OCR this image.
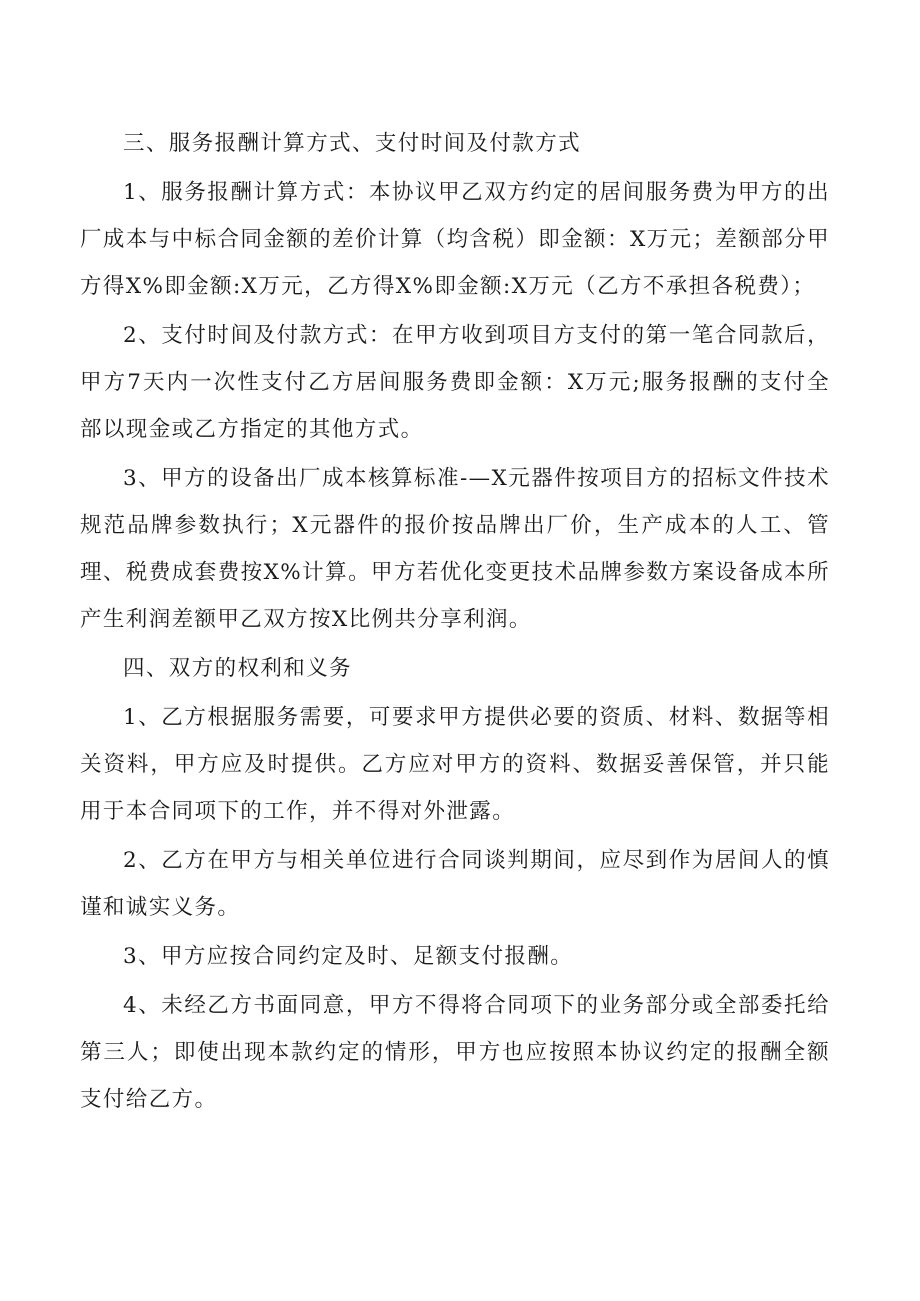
三、服务报酬计算方式、支付时间及付款方式

1、服务报酬计算方式：本协议甲乙双方约定的居间服务费为甲方的出厂成本与中标合同金额的差价计算（均含税）即金额：X万元；差额部分甲方得X%即金额:X万元，乙方得X%即金额:X万元（乙方不承担各税费）；

2、支付时间及付款方式：在甲方收到项目方支付的第一笔合同款后，甲方7天内一次性支付乙方居间服务费即金额：X万元;服务报酬的支付全部以现金或乙方指定的其他方式。

3、甲方的设备出厂成本核算标准-—X元器件按项目方的招标文件技术规范品牌参数执行；X元器件的报价按品牌出厂价，生产成本的人工、管理、税费成套费按X%计算。甲方若优化变更技术品牌参数方案设备成本所产生利润差额甲乙双方按X比例共分享利润。

四、双方的权利和义务

1、乙方根据服务需要，可要求甲方提供必要的资质、材料、数据等相关资料，甲方应及时提供。乙方应对甲方的资料、数据妥善保管，并只能用于本合同项下的工作，并不得对外泄露。

2、乙方在甲方与相关单位进行合同谈判期间，应尽到作为居间人的慎谨和诚实义务。

3、甲方应按合同约定及时、足额支付报酬。

4、未经乙方书面同意，甲方不得将合同项下的业务部分或全部委托给第三人；即使出现本款约定的情形，甲方也应按照本协议约定的报酬全额支付给乙方。
